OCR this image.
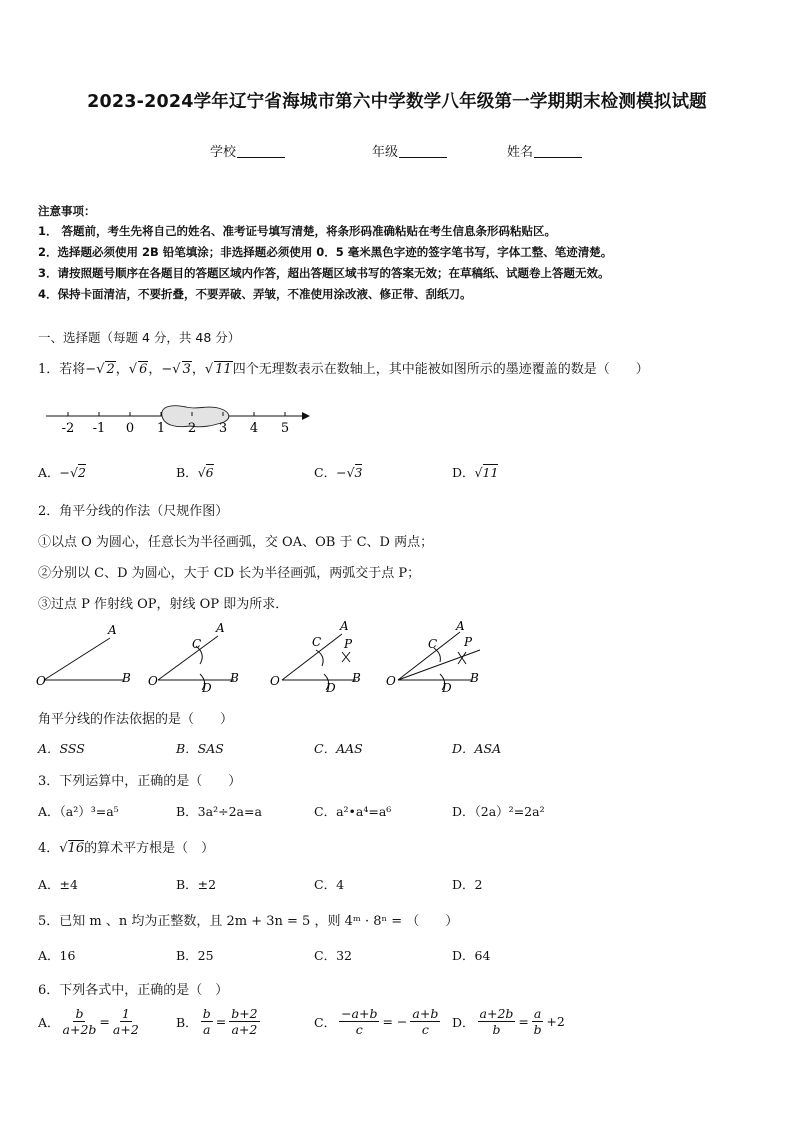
2023-2024学年辽宁省海城市第六中学数学八年级第一学期期末检测模拟试题
学校	年级	姓名
注意事项：
1． 答题前，考生先将自己的姓名、准考证号填写清楚，将条形码准确粘贴在考生信息条形码粘贴区。
2．选择题必须使用 2B 铅笔填涂；非选择题必须使用 0．5 毫米黑色字迹的签字笔书写，字体工整、笔迹清楚。
3．请按照题号顺序在各题目的答题区域内作答，超出答题区域书写的答案无效；在草稿纸、试题卷上答题无效。
4．保持卡面清洁，不要折叠，不要弄破、弄皱，不准使用涂改液、修正带、刮纸刀。
一、选择题（每题 4 分，共 48 分）
1．若将−√ 2，√ 6，−√ 3，√ 11四个无理数表示在数轴上，其中能被如图所示的墨迹覆盖的数是（　　）
-2 -1 0 1 2 3 4 5
A．−√2	B．√6	C．−√3	D．√11
2．角平分线的作法（尺规作图）
①以点 O 为圆心，任意长为半径画弧，交 OA、OB 于 C、D 两点；
②分别以 C、D 为圆心，大于 CD 长为半径画弧，两弧交于点 P；
③过点 P 作射线 OP，射线 OP 即为所求．
O
A
B O
A
B
C
D	O
A
B
C
D
P
O
A
B
C
D
P
角平分线的作法依据的是（　　）
A．SSS	B．SAS	C．AAS	D．ASA
3．下列运算中，正确的是（　　）
A．（a²）³=a⁵	B．3a²÷2a=a	C．a²•a⁴=a⁶	D．（2a）²=2a²
4．√16的算术平方根是（　）
A．±4	B．±2	C．4	D．2
5．已知 m 、n 均为正整数，且 2m + 3n = 5 ，则 4ᵐ · 8ⁿ = （　　）
A．16	B．25	C．32	D．64
6．下列各式中，正确的是（　）
A． $\frac{b}{a+2b} = \frac{1}{a+2}$	B． $\frac{b}{a} = \frac{b+2}{a+2}$	C． $\frac{-a+b}{c}$ = − $\frac{a+b}{c}$ D． $\frac{a+2b}{b} = \frac{a}{b} +2$
